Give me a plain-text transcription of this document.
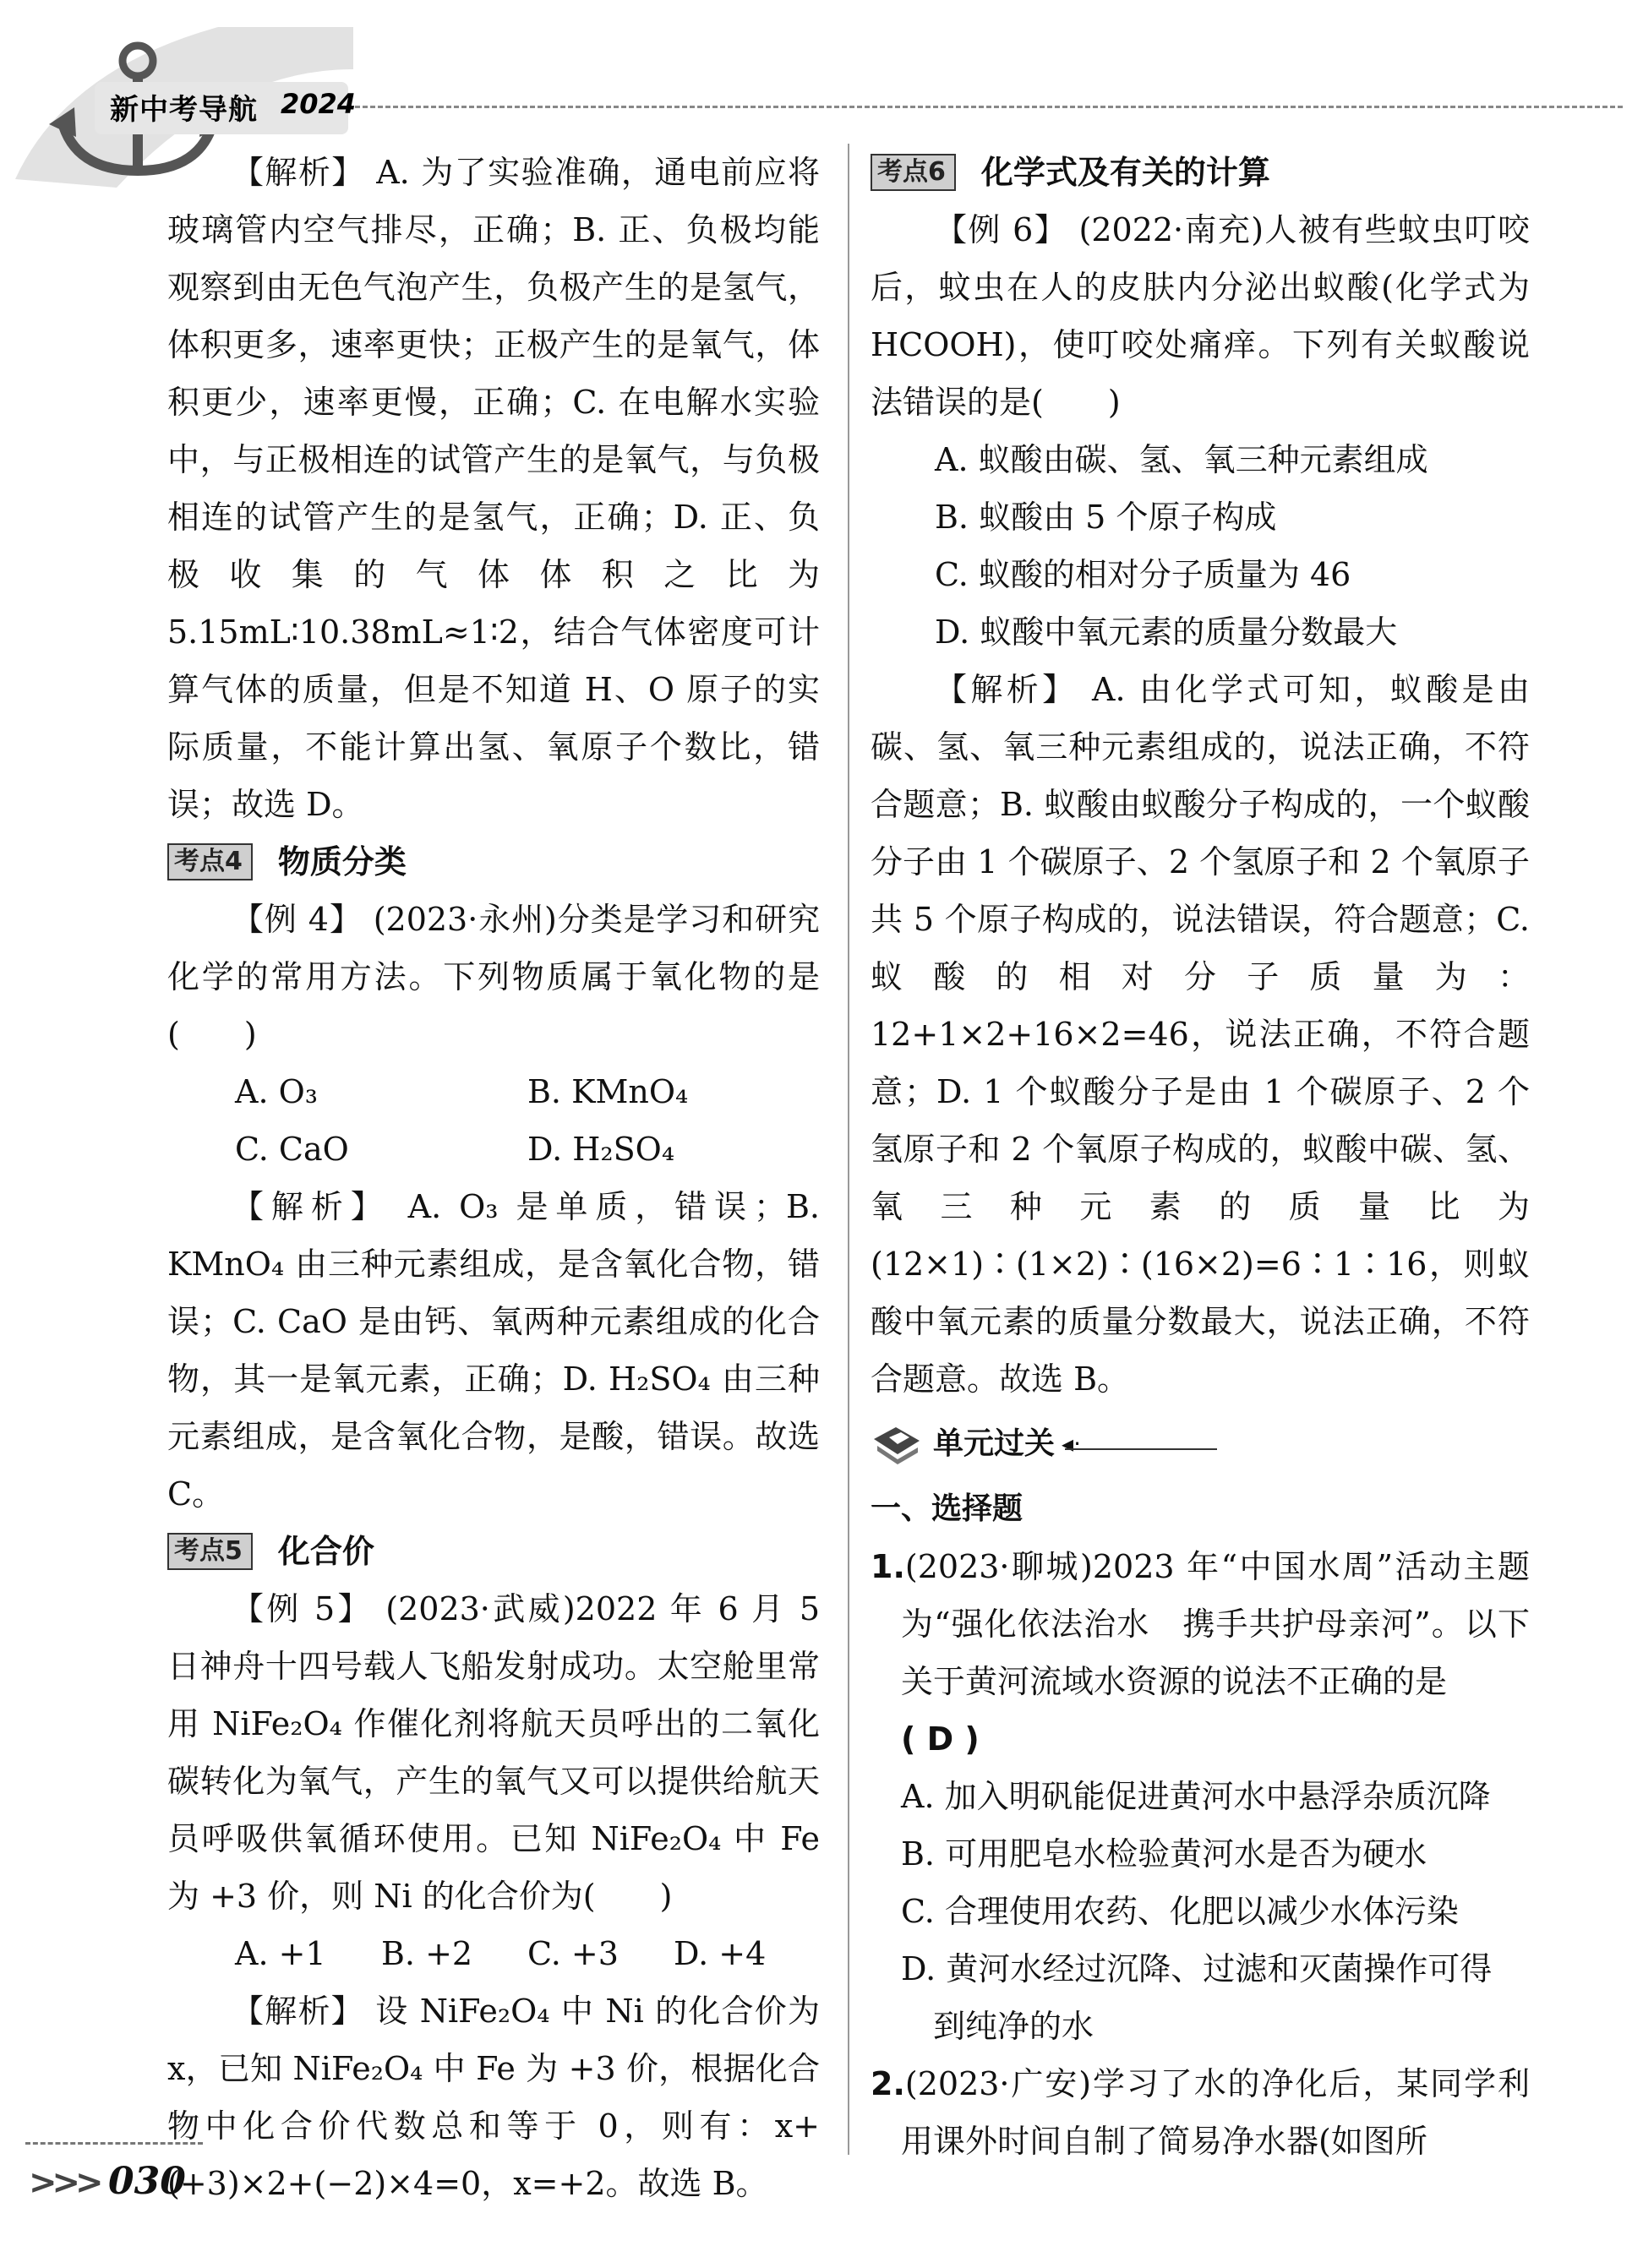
新中考导航 2024

【解析】 A. 为了实验准确，通电前应将玻璃管内空气排尽，正确；B. 正、负极均能观察到由无色气泡产生，负极产生的是氢气，体积更多，速率更快；正极产生的是氧气，体积更少，速率更慢，正确；C. 在电解水实验中，与正极相连的试管产生的是氧气，与负极相连的试管产生的是氢气，正确；D. 正、负极收集的气体体积之比为 5.15mL∶10.38mL≈1∶2，结合气体密度可计算气体的质量，但是不知道 H、O 原子的实际质量，不能计算出氢、氧原子个数比，错误；故选 D。

考点4	物质分类

【例 4】 (2023·永州)分类是学习和研究化学的常用方法。下列物质属于氧化物的是(　　)

A. O₃	B. KMnO₄
C. CaO	D. H₂SO₄

【解析】 A. O₃ 是单质，错误；B. KMnO₄ 由三种元素组成，是含氧化合物，错误；C. CaO 是由钙、氧两种元素组成的化合物，其一是氧元素，正确；D. H₂SO₄ 由三种元素组成，是含氧化合物，是酸，错误。故选 C。

考点5	化合价

【例 5】 (2023·武威)2022 年 6 月 5 日神舟十四号载人飞船发射成功。太空舱里常用 NiFe₂O₄ 作催化剂将航天员呼出的二氧化碳转化为氧气，产生的氧气又可以提供给航天员呼吸供氧循环使用。已知 NiFe₂O₄ 中 Fe 为 +3 价，则 Ni 的化合价为(　　)

A. +1	B. +2	C. +3	D. +4

【解析】 设 NiFe₂O₄ 中 Ni 的化合价为 x，已知 NiFe₂O₄ 中 Fe 为 +3 价，根据化合物中化合价代数总和等于 0，则有：x+(+3)×2+(−2)×4=0，x=+2。故选 B。

考点6	化学式及有关的计算

【例 6】 (2022·南充)人被有些蚊虫叮咬后，蚊虫在人的皮肤内分泌出蚁酸(化学式为 HCOOH)，使叮咬处痛痒。下列有关蚁酸说法错误的是(　　)

A. 蚁酸由碳、氢、氧三种元素组成

B. 蚁酸由 5 个原子构成

C. 蚁酸的相对分子质量为 46

D. 蚁酸中氧元素的质量分数最大

【解析】 A. 由化学式可知，蚁酸是由碳、氢、氧三种元素组成的，说法正确，不符合题意；B. 蚁酸由蚁酸分子构成的，一个蚁酸分子由 1 个碳原子、2 个氢原子和 2 个氧原子共 5 个原子构成的，说法错误，符合题意；C. 蚁酸的相对分子质量为：12+1×2+16×2=46，说法正确，不符合题意；D. 1 个蚁酸分子是由 1 个碳原子、2 个氢原子和 2 个氧原子构成的，蚁酸中碳、氢、氧三种元素的质量比为(12×1)∶(1×2)∶(16×2)=6∶1∶16，则蚁酸中氧元素的质量分数最大，说法正确，不符合题意。故选 B。

单元过关 ◂·

一、选择题

1.(2023·聊城)2023 年“中国水周”活动主题为“强化依法治水　携手共护母亲河”。以下关于黄河流域水资源的说法不正确的是

( D )

A. 加入明矾能促进黄河水中悬浮杂质沉降

B. 可用肥皂水检验黄河水是否为硬水

C. 合理使用农药、化肥以减少水体污染

D. 黄河水经过沉降、过滤和灭菌操作可得

到纯净的水

2.(2023·广安)学习了水的净化后，某同学利用课外时间自制了简易净水器(如图所

>>> 030
